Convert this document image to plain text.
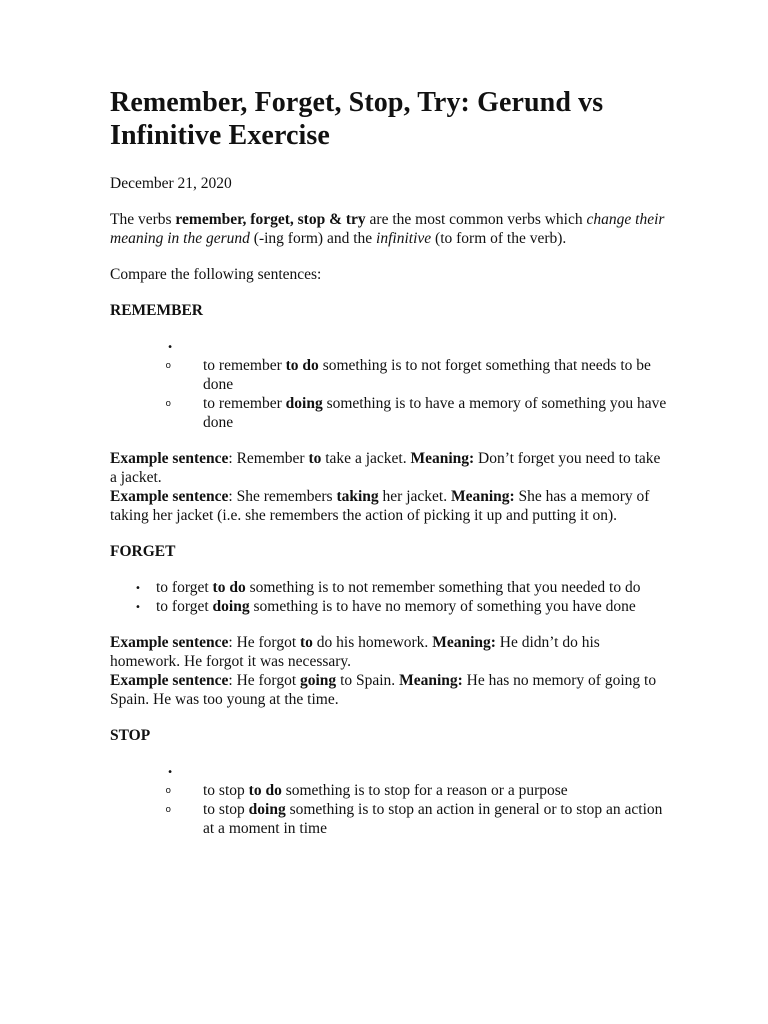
Remember, Forget, Stop, Try: Gerund vs Infinitive Exercise
December 21, 2020

The verbs remember, forget, stop & try are the most common verbs which change their meaning in the gerund (-ing form) and the infinitive (to form of the verb).

Compare the following sentences:

REMEMBER
•
o to remember to do something is to not forget something that needs to be done
o to remember doing something is to have a memory of something you have done

Example sentence: Remember to take a jacket. Meaning: Don’t forget you need to take a jacket.

Example sentence: She remembers taking her jacket. Meaning: She has a memory of taking her jacket (i.e. she remembers the action of picking it up and putting it on).

FORGET
• to forget to do something is to not remember something that you needed to do
• to forget doing something is to have no memory of something you have done

Example sentence: He forgot to do his homework. Meaning: He didn’t do his homework. He forgot it was necessary.

Example sentence: He forgot going to Spain. Meaning: He has no memory of going to Spain. He was too young at the time.

STOP
•
o to stop to do something is to stop for a reason or a purpose
o to stop doing something is to stop an action in general or to stop an action at a moment in time
